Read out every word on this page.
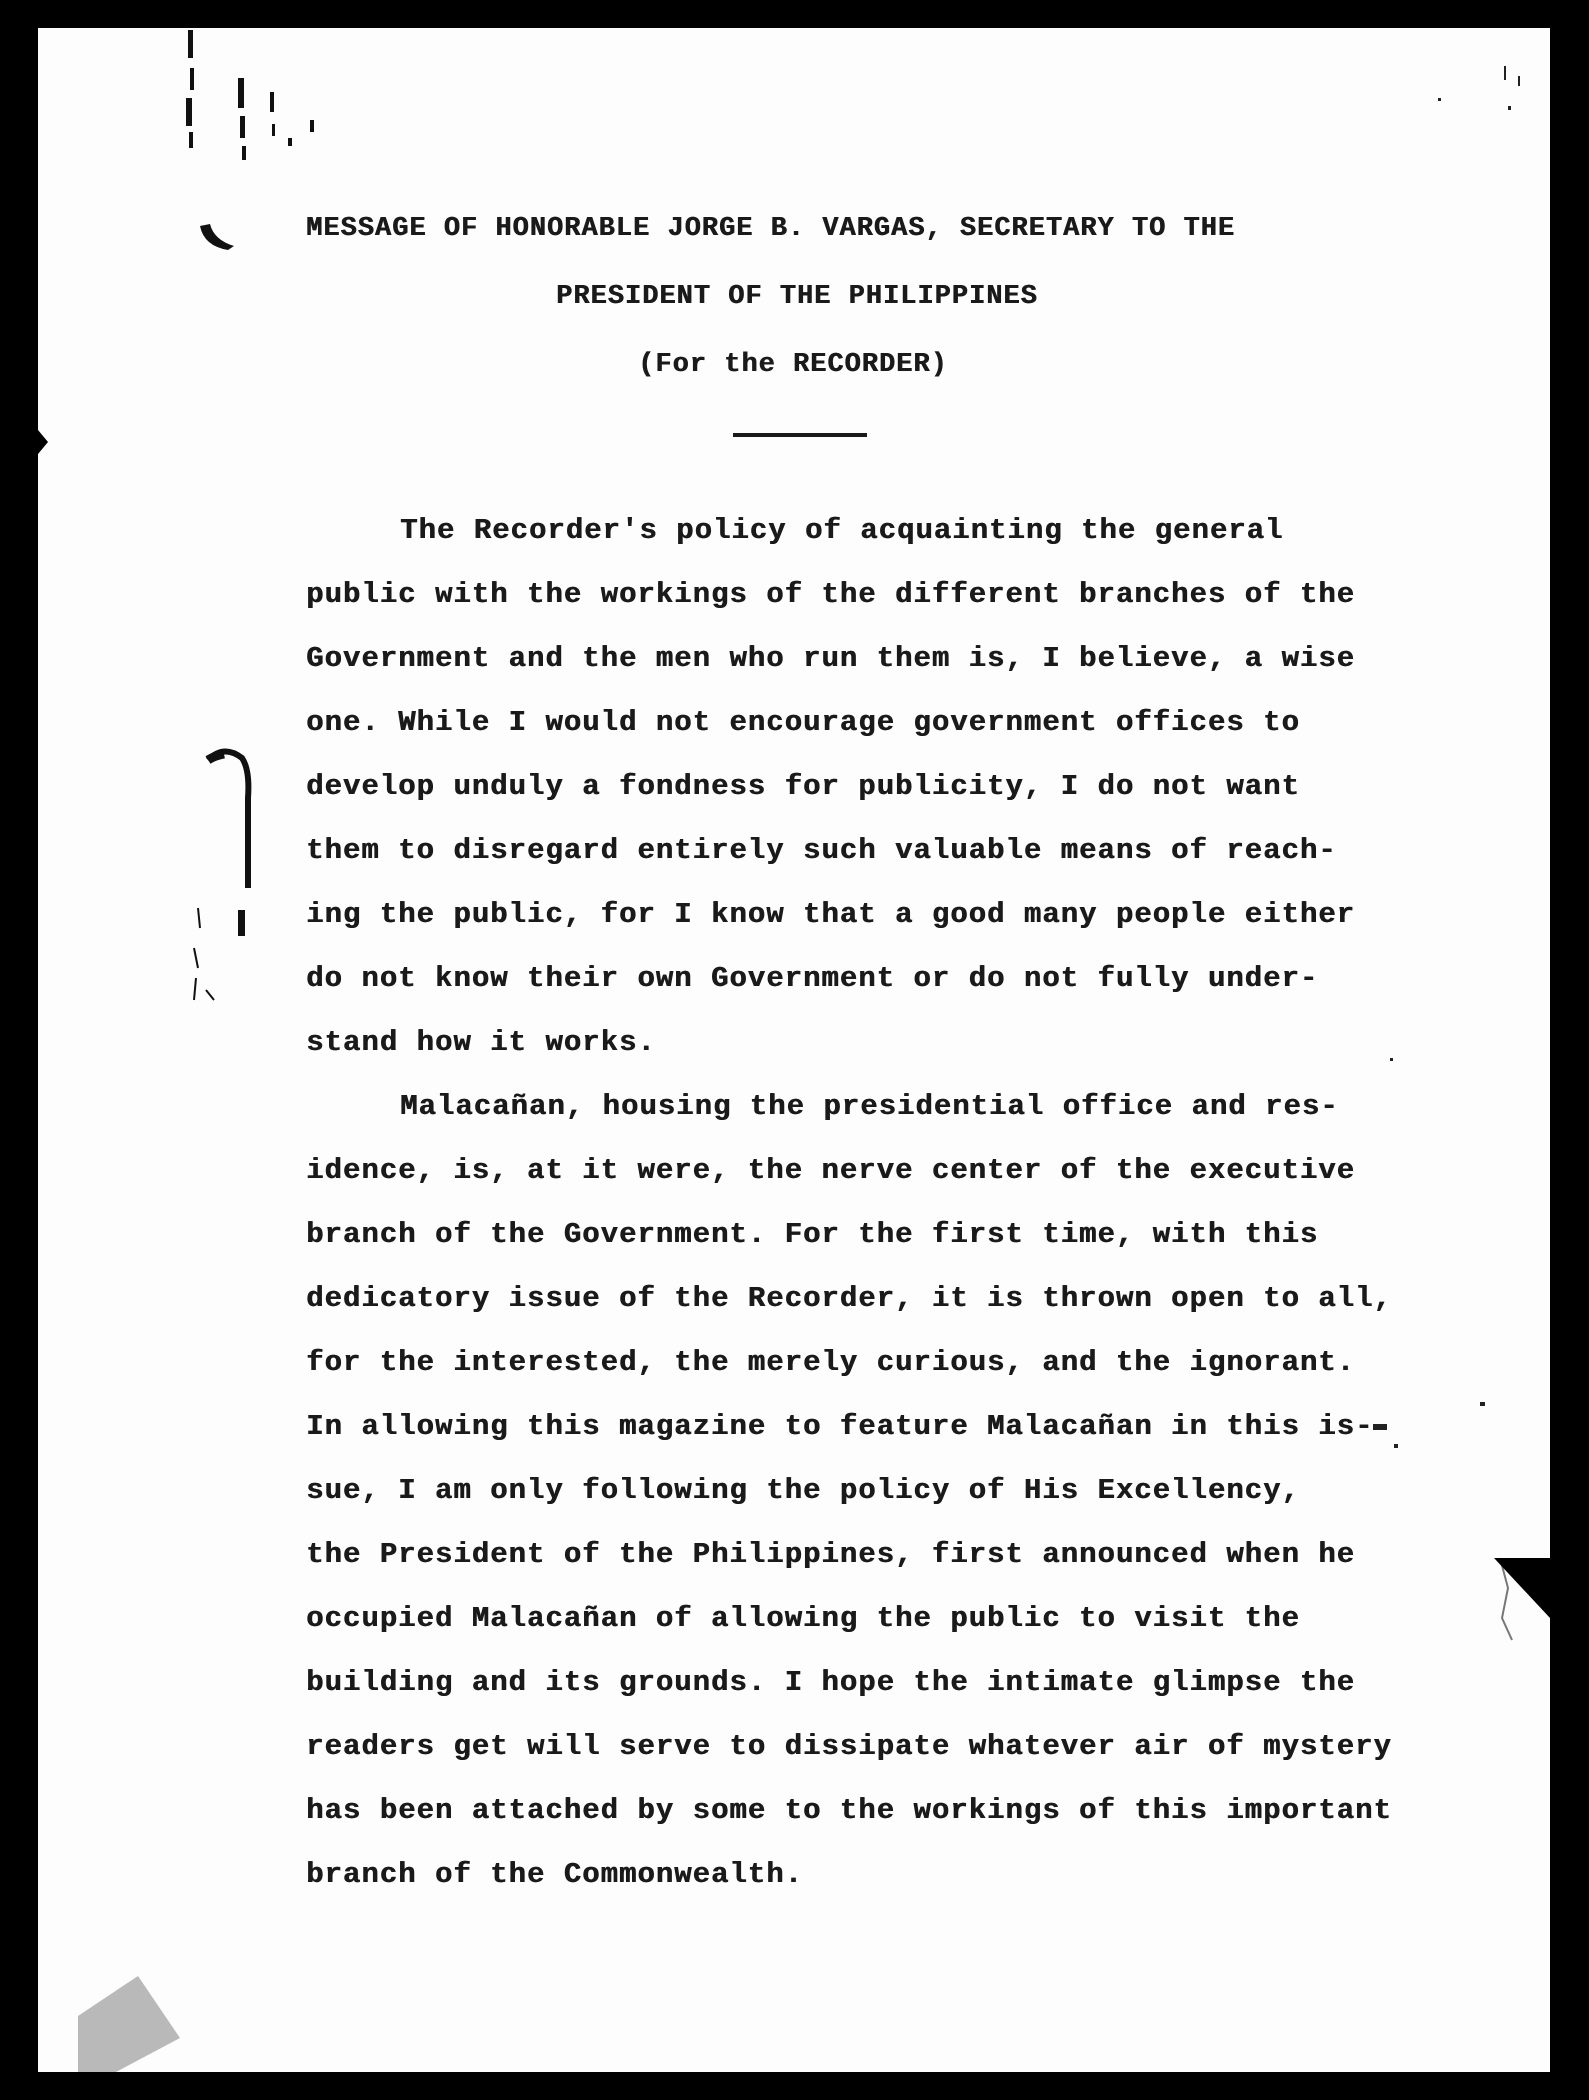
MESSAGE OF HONORABLE JORGE B. VARGAS, SECRETARY TO THE
PRESIDENT OF THE PHILIPPINES
(For the RECORDER)
The Recorder's policy of acquainting the general
public with the workings of the different branches of the
Government and the men who run them is, I believe, a wise
one. While I would not encourage government offices to
develop unduly a fondness for publicity, I do not want
them to disregard entirely such valuable means of reach-
ing the public, for I know that a good many people either
do not know their own Government or do not fully under-
stand how it works.
Malacañan, housing the presidential office and res-
idence, is, at it were, the nerve center of the executive
branch of the Government. For the first time, with this
dedicatory issue of the Recorder, it is thrown open to all,
for the interested, the merely curious, and the ignorant.
In allowing this magazine to feature Malacañan in this is-
sue, I am only following the policy of His Excellency,
the President of the Philippines, first announced when he
occupied Malacañan of allowing the public to visit the
building and its grounds. I hope the intimate glimpse the
readers get will serve to dissipate whatever air of mystery
has been attached by some to the workings of this important
branch of the Commonwealth.
